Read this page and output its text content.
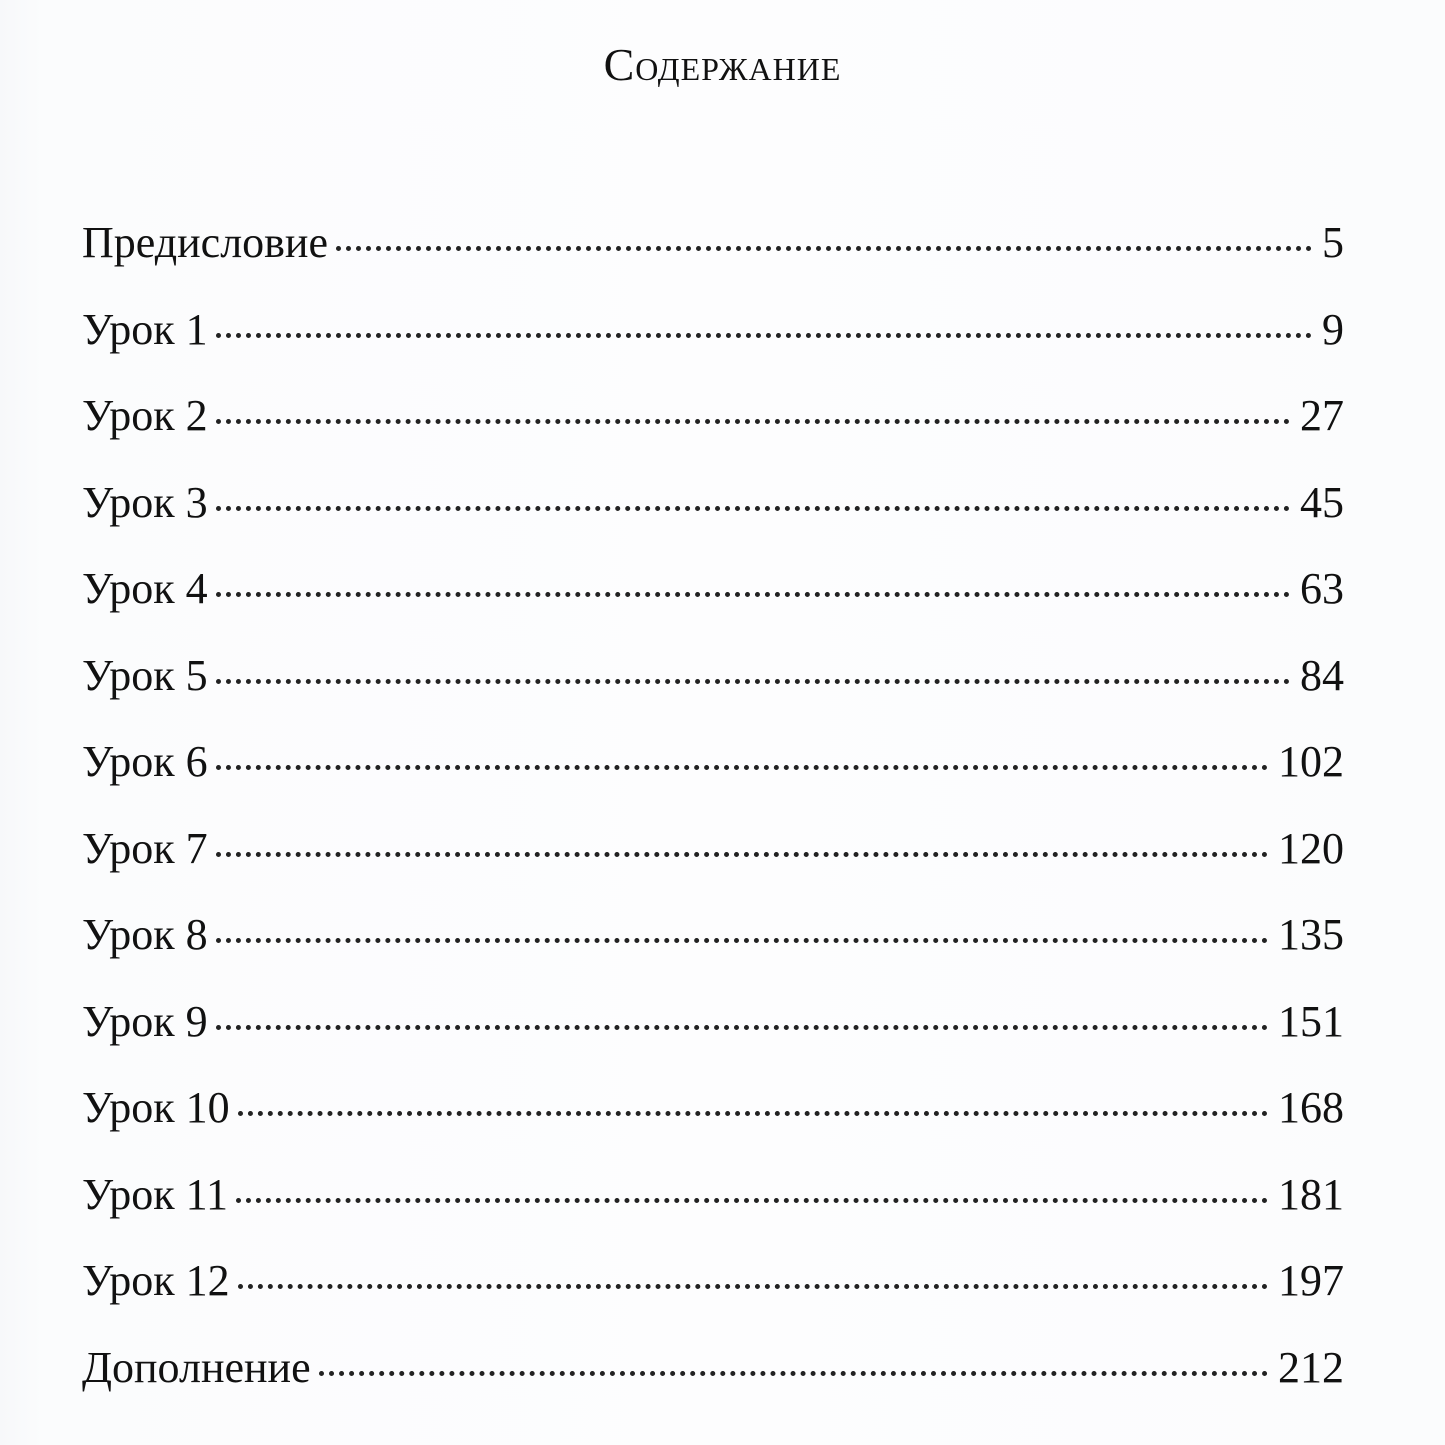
Содержание
Предисловие	5
Урок 1	9
Урок 2	27
Урок 3	45
Урок 4	63
Урок 5	84
Урок 6	102
Урок 7	120
Урок 8	135
Урок 9	151
Урок 10	168
Урок 11	181
Урок 12	197
Дополнение	212
